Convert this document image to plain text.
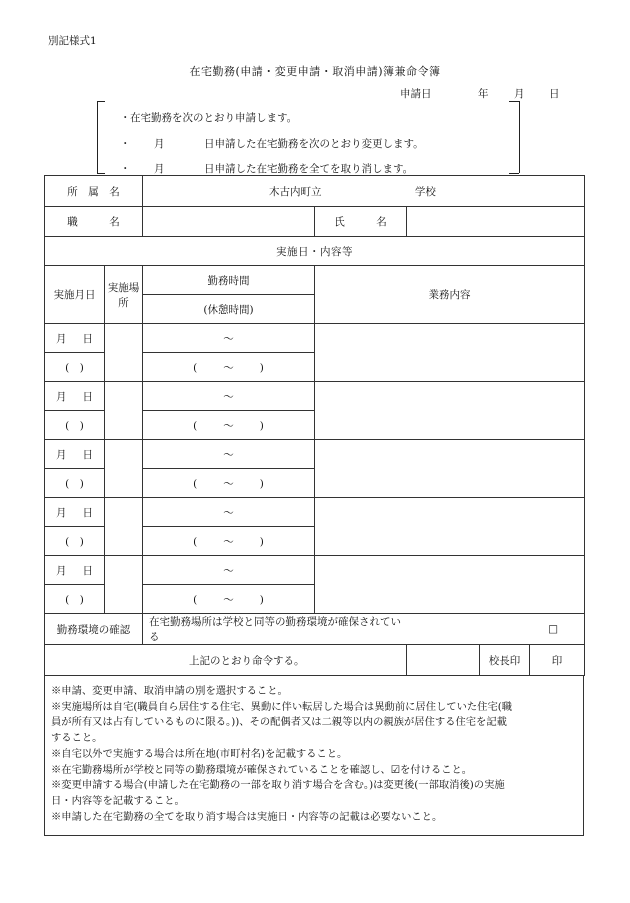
別記様式1
在宅勤務(申請・変更申請・取消申請)簿兼命令簿
申請日	年 月 日
・ 在宅勤務を次のとおり申請します。
・ 月	日申請した在宅勤務を次のとおり変更します。
・ 月	日申請した在宅勤務を全てを取り消します。
所　属　名		木古内町立 学校		
職　　　名			氏　　　名	
実施日・内容等				
実施月日	実施場所	勤務時間	業務内容	
		(休憩時間)		
月 日		～		
(　)		( ～ )		
月 日		～		
(　)		( ～ )		
月 日		～		
(　)		( ～ )		
月 日		～		
(　)		( ～ )		
月 日		～		
(　)		( ～ )		
勤務環境の確認		在宅勤務場所は学校と同等の勤務環境が確保されている		□
上記のとおり命令する。				校長印 印
※申請、変更申請、取消申請の別を選択すること。
※実施場所は自宅(職員自ら居住する住宅、異動に伴い転居した場合は異動前に居住していた住宅(職
員が所有又は占有しているものに限る。))、その配偶者又は二親等以内の親族が居住する住宅を記載
すること。
※自宅以外で実施する場合は所在地(市町村名)を記載すること。
※在宅勤務場所が学校と同等の勤務環境が確保されていることを確認し、☑を付けること。
※変更申請する場合(申請した在宅勤務の一部を取り消す場合を含む。)は変更後(一部取消後)の実施
日・内容等を記載すること。
※申請した在宅勤務の全てを取り消す場合は実施日・内容等の記載は必要ないこと。
